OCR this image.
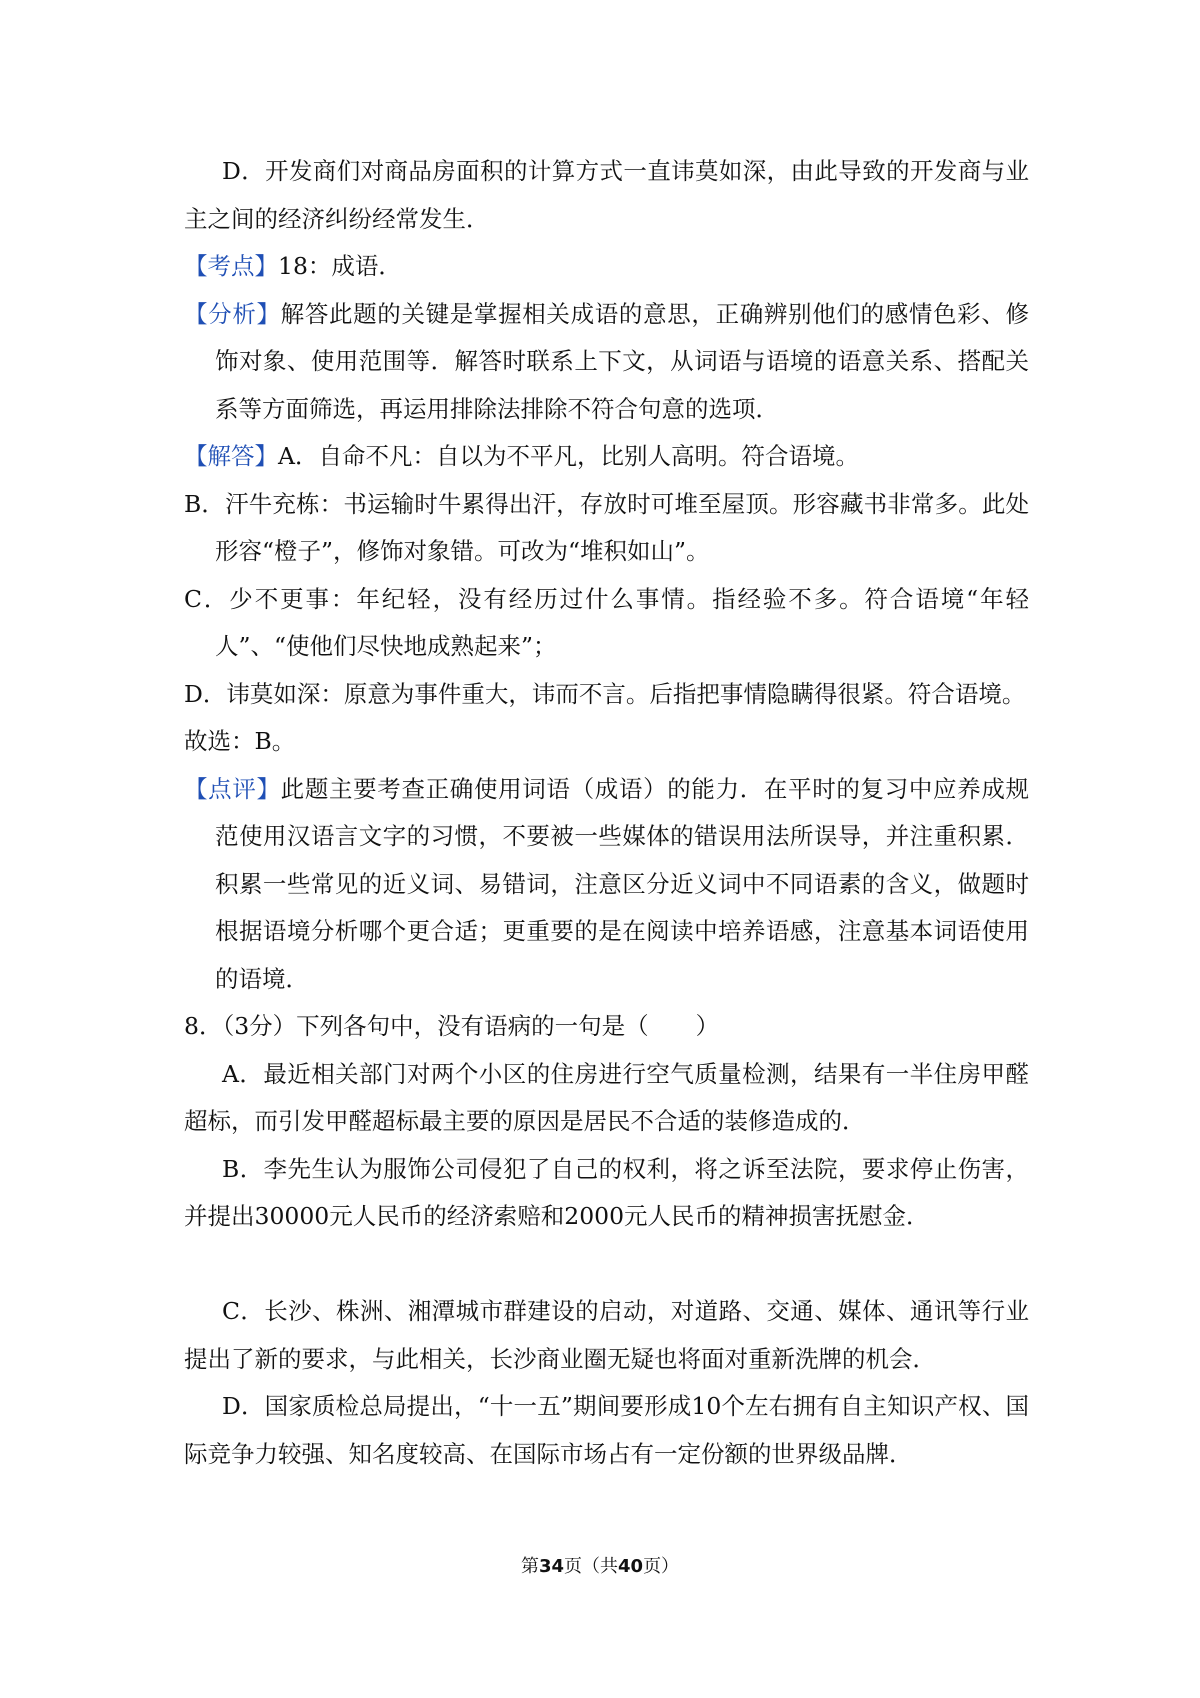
D．开发商们对商品房面积的计算方式一直讳莫如深，由此导致的开发商与业主之间的经济纠纷经常发生．

【考点】18：成语．

【分析】解答此题的关键是掌握相关成语的意思，正确辨别他们的感情色彩、修饰对象、使用范围等．解答时联系上下文，从词语与语境的语意关系、搭配关系等方面筛选，再运用排除法排除不符合句意的选项．

【解答】A．自命不凡：自以为不平凡，比别人高明。符合语境。

B．汗牛充栋：书运输时牛累得出汗，存放时可堆至屋顶。形容藏书非常多。此处形容“橙子”，修饰对象错。可改为“堆积如山”。

C．少不更事：年纪轻，没有经历过什么事情。指经验不多。符合语境“年轻人”、“使他们尽快地成熟起来”；

D．讳莫如深：原意为事件重大，讳而不言。后指把事情隐瞒得很紧。符合语境。

故选：B。

【点评】此题主要考查正确使用词语（成语）的能力．在平时的复习中应养成规范使用汉语言文字的习惯，不要被一些媒体的错误用法所误导，并注重积累．积累一些常见的近义词、易错词，注意区分近义词中不同语素的含义，做题时根据语境分析哪个更合适；更重要的是在阅读中培养语感，注意基本词语使用的语境．

8．（3分）下列各句中，没有语病的一句是（　　）

A．最近相关部门对两个小区的住房进行空气质量检测，结果有一半住房甲醛超标，而引发甲醛超标最主要的原因是居民不合适的装修造成的．

B．李先生认为服饰公司侵犯了自己的权利，将之诉至法院，要求停止伤害，并提出30000元人民币的经济索赔和2000元人民币的精神损害抚慰金．

C．长沙、株洲、湘潭城市群建设的启动，对道路、交通、媒体、通讯等行业提出了新的要求，与此相关，长沙商业圈无疑也将面对重新洗牌的机会．

D．国家质检总局提出，“十一五”期间要形成10个左右拥有自主知识产权、国际竞争力较强、知名度较高、在国际市场占有一定份额的世界级品牌．

第34页（共40页）
